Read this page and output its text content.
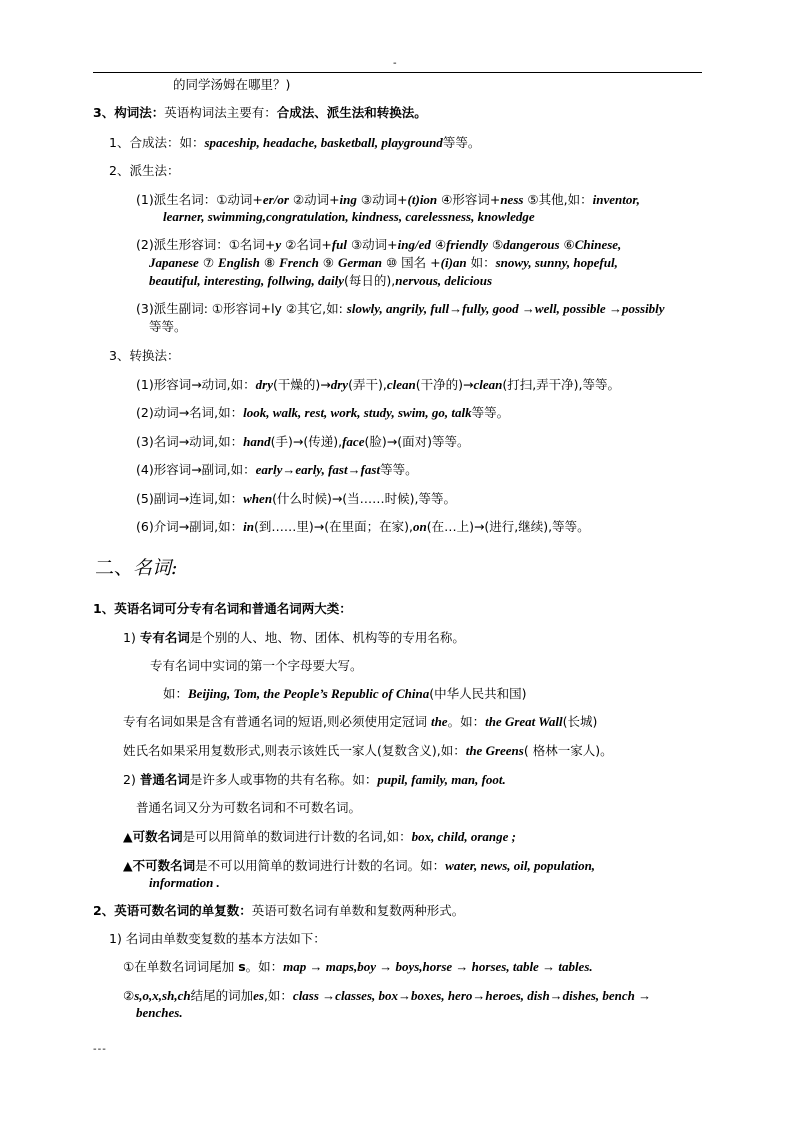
-
的同学汤姆在哪里？)
3、构词法：英语构词法主要有：合成法、派生法和转换法。
1、合成法：如：spaceship, headache, basketball, playground等等。
2、派生法：
(1)派生名词：①动词+er/or ②动词+ing ③动词+(t)ion ④形容词+ness ⑤其他,如：inventor,
learner, swimming,congratulation, kindness, carelessness, knowledge
(2)派生形容词：①名词+y ②名词+ful ③动词+ing/ed ④friendly ⑤dangerous ⑥Chinese,
Japanese ⑦ English ⑧ French ⑨ German ⑩ 国名 +(i)an 如：snowy, sunny, hopeful,
beautiful, interesting, follwing, daily(每日的),nervous, delicious
(3)派生副词: ①形容词+ly ②其它,如: slowly, angrily, full→fully, good →well, possible →possibly
等等。
3、转换法：
(1)形容词→动词,如：dry(干燥的)→dry(弄干),clean(干净的)→clean(打扫,弄干净),等等。
(2)动词→名词,如：look, walk, rest, work, study, swim, go, talk等等。
(3)名词→动词,如：hand(手)→(传递),face(脸)→(面对)等等。
(4)形容词→副词,如：early→early, fast→fast等等。
(5)副词→连词,如：when(什么时候)→(当……时候),等等。
(6)介词→副词,如：in(到……里)→(在里面；在家),on(在…上)→(进行,继续),等等。
二、名词:
1、英语名词可分专有名词和普通名词两大类：
1) 专有名词是个别的人、地、物、团体、机构等的专用名称。
专有名词中实词的第一个字母要大写。
如：Beijing, Tom, the People’s Republic of China(中华人民共和国)
专有名词如果是含有普通名词的短语,则必须使用定冠词 the。如：the Great Wall(长城)
姓氏名如果采用复数形式,则表示该姓氏一家人(复数含义),如：the Greens( 格林一家人)。
2) 普通名词是许多人或事物的共有名称。如：pupil, family, man, foot.
普通名词又分为可数名词和不可数名词。
▲可数名词是可以用简单的数词进行计数的名词,如：box, child, orange ;
▲不可数名词是不可以用简单的数词进行计数的名词。如：water, news, oil, population,
information .
2、英语可数名词的单复数：英语可数名词有单数和复数两种形式。
1) 名词由单数变复数的基本方法如下：
①在单数名词词尾加 s。如：map → maps,boy → boys,horse → horses, table → tables.
②s,o,x,sh,ch结尾的词加es,如：class →classes, box→boxes, hero→heroes, dish→dishes, bench →
benches.
---
